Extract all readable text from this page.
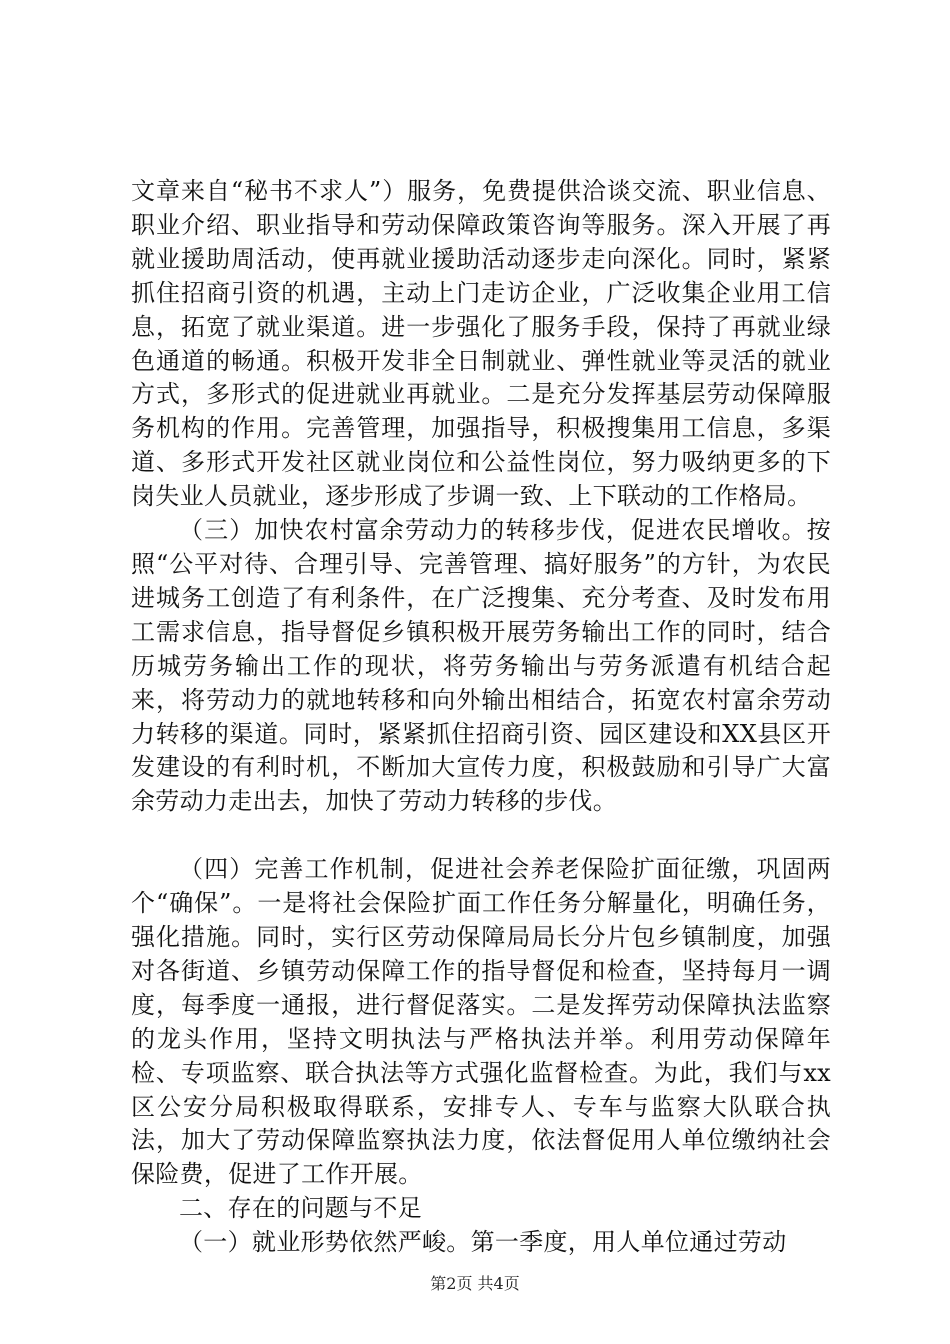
文章来自“秘书不求人”）服务，免费提供洽谈交流、职业信息、职业介绍、职业指导和劳动保障政策咨询等服务。深入开展了再就业援助周活动，使再就业援助活动逐步走向深化。同时，紧紧抓住招商引资的机遇，主动上门走访企业，广泛收集企业用工信息，拓宽了就业渠道。进一步强化了服务手段，保持了再就业绿色通道的畅通。积极开发非全日制就业、弹性就业等灵活的就业方式，多形式的促进就业再就业。二是充分发挥基层劳动保障服务机构的作用。完善管理，加强指导，积极搜集用工信息，多渠道、多形式开发社区就业岗位和公益性岗位，努力吸纳更多的下岗失业人员就业，逐步形成了步调一致、上下联动的工作格局。

（三）加快农村富余劳动力的转移步伐，促进农民增收。按照“公平对待、合理引导、完善管理、搞好服务”的方针，为农民进城务工创造了有利条件，在广泛搜集、充分考查、及时发布用工需求信息，指导督促乡镇积极开展劳务输出工作的同时，结合历城劳务输出工作的现状，将劳务输出与劳务派遣有机结合起来，将劳动力的就地转移和向外输出相结合，拓宽农村富余劳动力转移的渠道。同时，紧紧抓住招商引资、园区建设和XX县区开发建设的有利时机，不断加大宣传力度，积极鼓励和引导广大富余劳动力走出去，加快了劳动力转移的步伐。

（四）完善工作机制，促进社会养老保险扩面征缴，巩固两个“确保”。一是将社会保险扩面工作任务分解量化，明确任务，强化措施。同时，实行区劳动保障局局长分片包乡镇制度，加强对各街道、乡镇劳动保障工作的指导督促和检查，坚持每月一调度，每季度一通报，进行督促落实。二是发挥劳动保障执法监察的龙头作用，坚持文明执法与严格执法并举。利用劳动保障年检、专项监察、联合执法等方式强化监督检查。为此，我们与xx区公安分局积极取得联系，安排专人、专车与监察大队联合执法，加大了劳动保障监察执法力度，依法督促用人单位缴纳社会保险费，促进了工作开展。

二、存在的问题与不足

（一）就业形势依然严峻。第一季度，用人单位通过劳动

第2页 共4页
